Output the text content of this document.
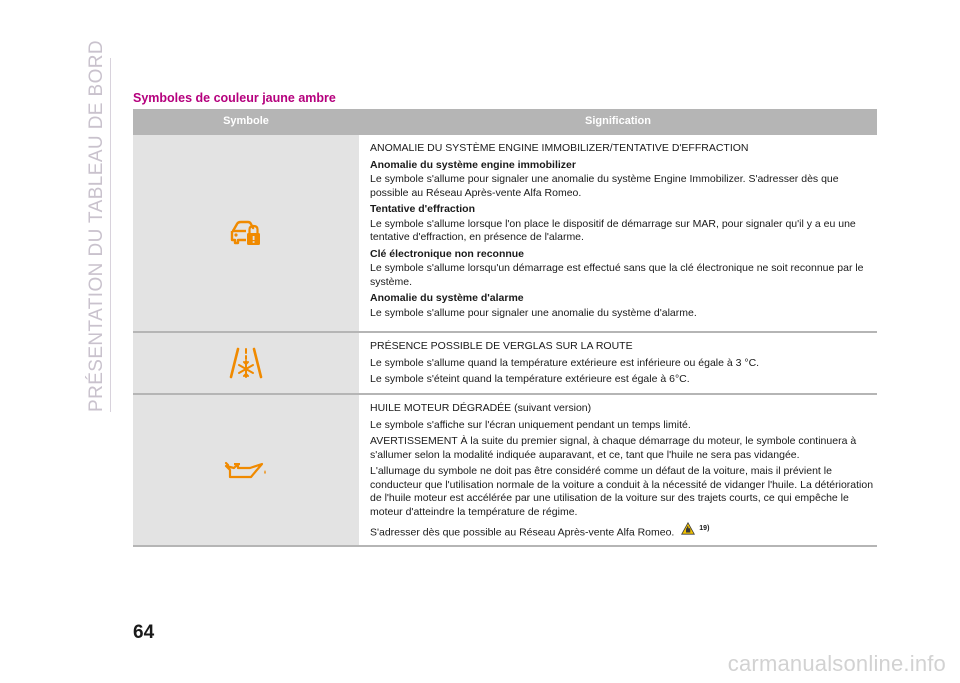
PRÉSENTATION DU TABLEAU DE BORD Symboles de couleur jaune ambre
Symbole	Signification

ANOMALIE DU SYSTÈME ENGINE IMMOBILIZER/TENTATIVE D'EFFRACTION

Anomalie du système engine immobilizer

Le symbole s'allume pour signaler une anomalie du système Engine Immobilizer. S'adresser dès que possible au Réseau Après-vente Alfa Romeo.

Tentative d'effraction

Le symbole s'allume lorsque l'on place le dispositif de démarrage sur MAR, pour signaler qu'il y a eu une tentative d'effraction, en présence de l'alarme.

Clé électronique non reconnue

Le symbole s'allume lorsqu'un démarrage est effectué sans que la clé électronique ne soit reconnue par le système.

Anomalie du système d'alarme

Le symbole s'allume pour signaler une anomalie du système d'alarme.

PRÉSENCE POSSIBLE DE VERGLAS SUR LA ROUTE

Le symbole s'allume quand la température extérieure est inférieure ou égale à 3 °C.

Le symbole s'éteint quand la température extérieure est égale à 6°C.

HUILE MOTEUR DÉGRADÉE (suivant version)

Le symbole s'affiche sur l'écran uniquement pendant un temps limité.

AVERTISSEMENT À la suite du premier signal, à chaque démarrage du moteur, le symbole continuera à s'allumer selon la modalité indiquée auparavant, et ce, tant que l'huile ne sera pas vidangée.

L'allumage du symbole ne doit pas être considéré comme un défaut de la voiture, mais il prévient le conducteur que l'utilisation normale de la voiture a conduit à la nécessité de vidanger l'huile. La détérioration de l'huile moteur est accélérée par une utilisation de la voiture sur des trajets courts, ce qui empêche le moteur d'atteindre la température de régime.

S'adresser dès que possible au Réseau Après-vente Alfa Romeo.	19)

64
carmanualsonline.info
